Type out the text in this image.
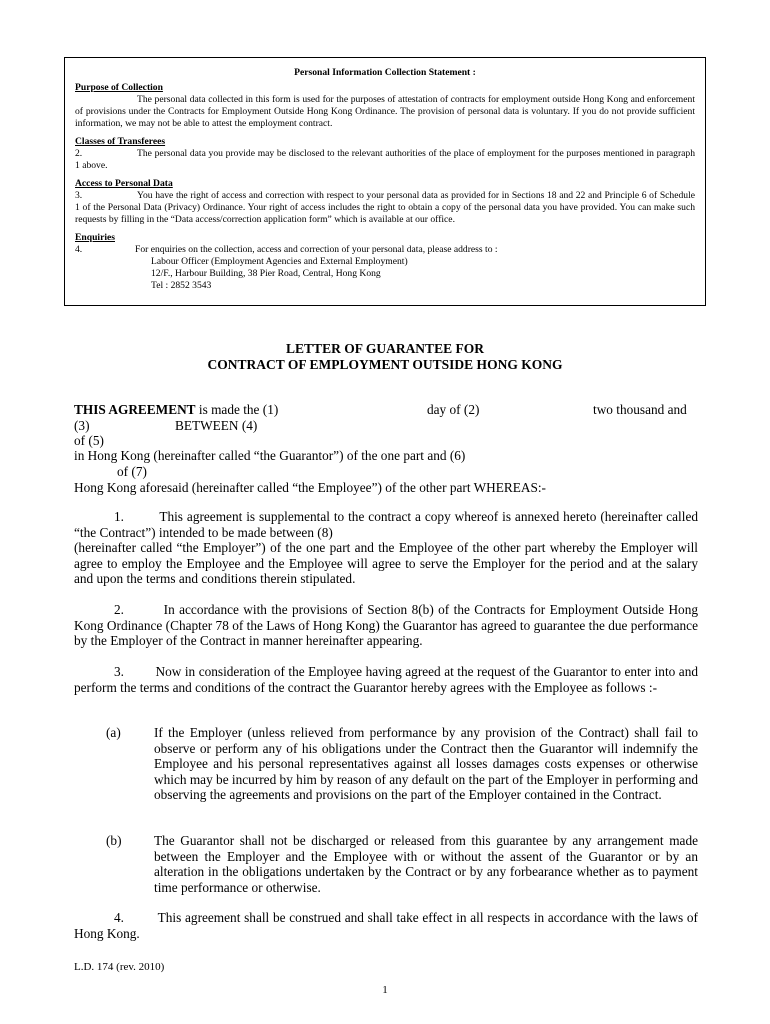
Personal Information Collection Statement :
Purpose of Collection
The personal data collected in this form is used for the purposes of attestation of contracts for employment outside Hong Kong and enforcement of provisions under the Contracts for Employment Outside Hong Kong Ordinance. The provision of personal data is voluntary. If you do not provide sufficient information, we may not be able to attest the employment contract.
Classes of Transferees
2.	The personal data you provide may be disclosed to the relevant authorities of the place of employment for the purposes mentioned in paragraph 1 above.
Access to Personal Data
3.	You have the right of access and correction with respect to your personal data as provided for in Sections 18 and 22 and Principle 6 of Schedule 1 of the Personal Data (Privacy) Ordinance. Your right of access includes the right to obtain a copy of the personal data you have provided. You can make such requests by filling in the “Data access/correction application form” which is available at our office.
Enquiries
4.	For enquiries on the collection, access and correction of your personal data, please address to :
Labour Officer (Employment Agencies and External Employment)
12/F., Harbour Building, 38 Pier Road, Central, Hong Kong
Tel : 2852 3543
LETTER OF GUARANTEE FOR
CONTRACT OF EMPLOYMENT OUTSIDE HONG KONG
THIS AGREEMENT is made the (1)	day of (2)	two thousand and
(3)	BETWEEN (4)
of (5)
in Hong Kong (hereinafter called “the Guarantor”) of the one part and (6)
of (7)
Hong Kong aforesaid (hereinafter called “the Employee”) of the other part WHEREAS:-
1.         This agreement is supplemental to the contract a copy whereof is annexed hereto (hereinafter called “the Contract”) intended to be made between (8)
(hereinafter called “the Employer”) of the one part and the Employee of the other part whereby the Employer will agree to employ the Employee and the Employee will agree to serve the Employer for the period and at the salary and upon the terms and conditions therein stipulated.
2.         In accordance with the provisions of Section 8(b) of the Contracts for Employment Outside Hong Kong Ordinance (Chapter 78 of the Laws of Hong Kong) the Guarantor has agreed to guarantee the due performance by the Employer of the Contract in manner hereinafter appearing.
3.         Now in consideration of the Employee having agreed at the request of the Guarantor to enter into and perform the terms and conditions of the contract the Guarantor hereby agrees with the Employee as follows :-
(a)	If the Employer (unless relieved from performance by any provision of the Contract) shall fail to observe or perform any of his obligations under the Contract then the Guarantor will indemnify the Employee and his personal representatives against all losses damages costs expenses or otherwise which may be incurred by him by reason of any default on the part of the Employer in performing and observing the agreements and provisions on the part of the Employer contained in the Contract.
(b)	The Guarantor shall not be discharged or released from this guarantee by any arrangement made between the Employer and the Employee with or without the assent of the Guarantor or by an alteration in the obligations undertaken by the Contract or by any forbearance whether as to payment time performance or otherwise.
4.         This agreement shall be construed and shall take effect in all respects in accordance with the laws of Hong Kong.
L.D. 174 (rev. 2010)
1
